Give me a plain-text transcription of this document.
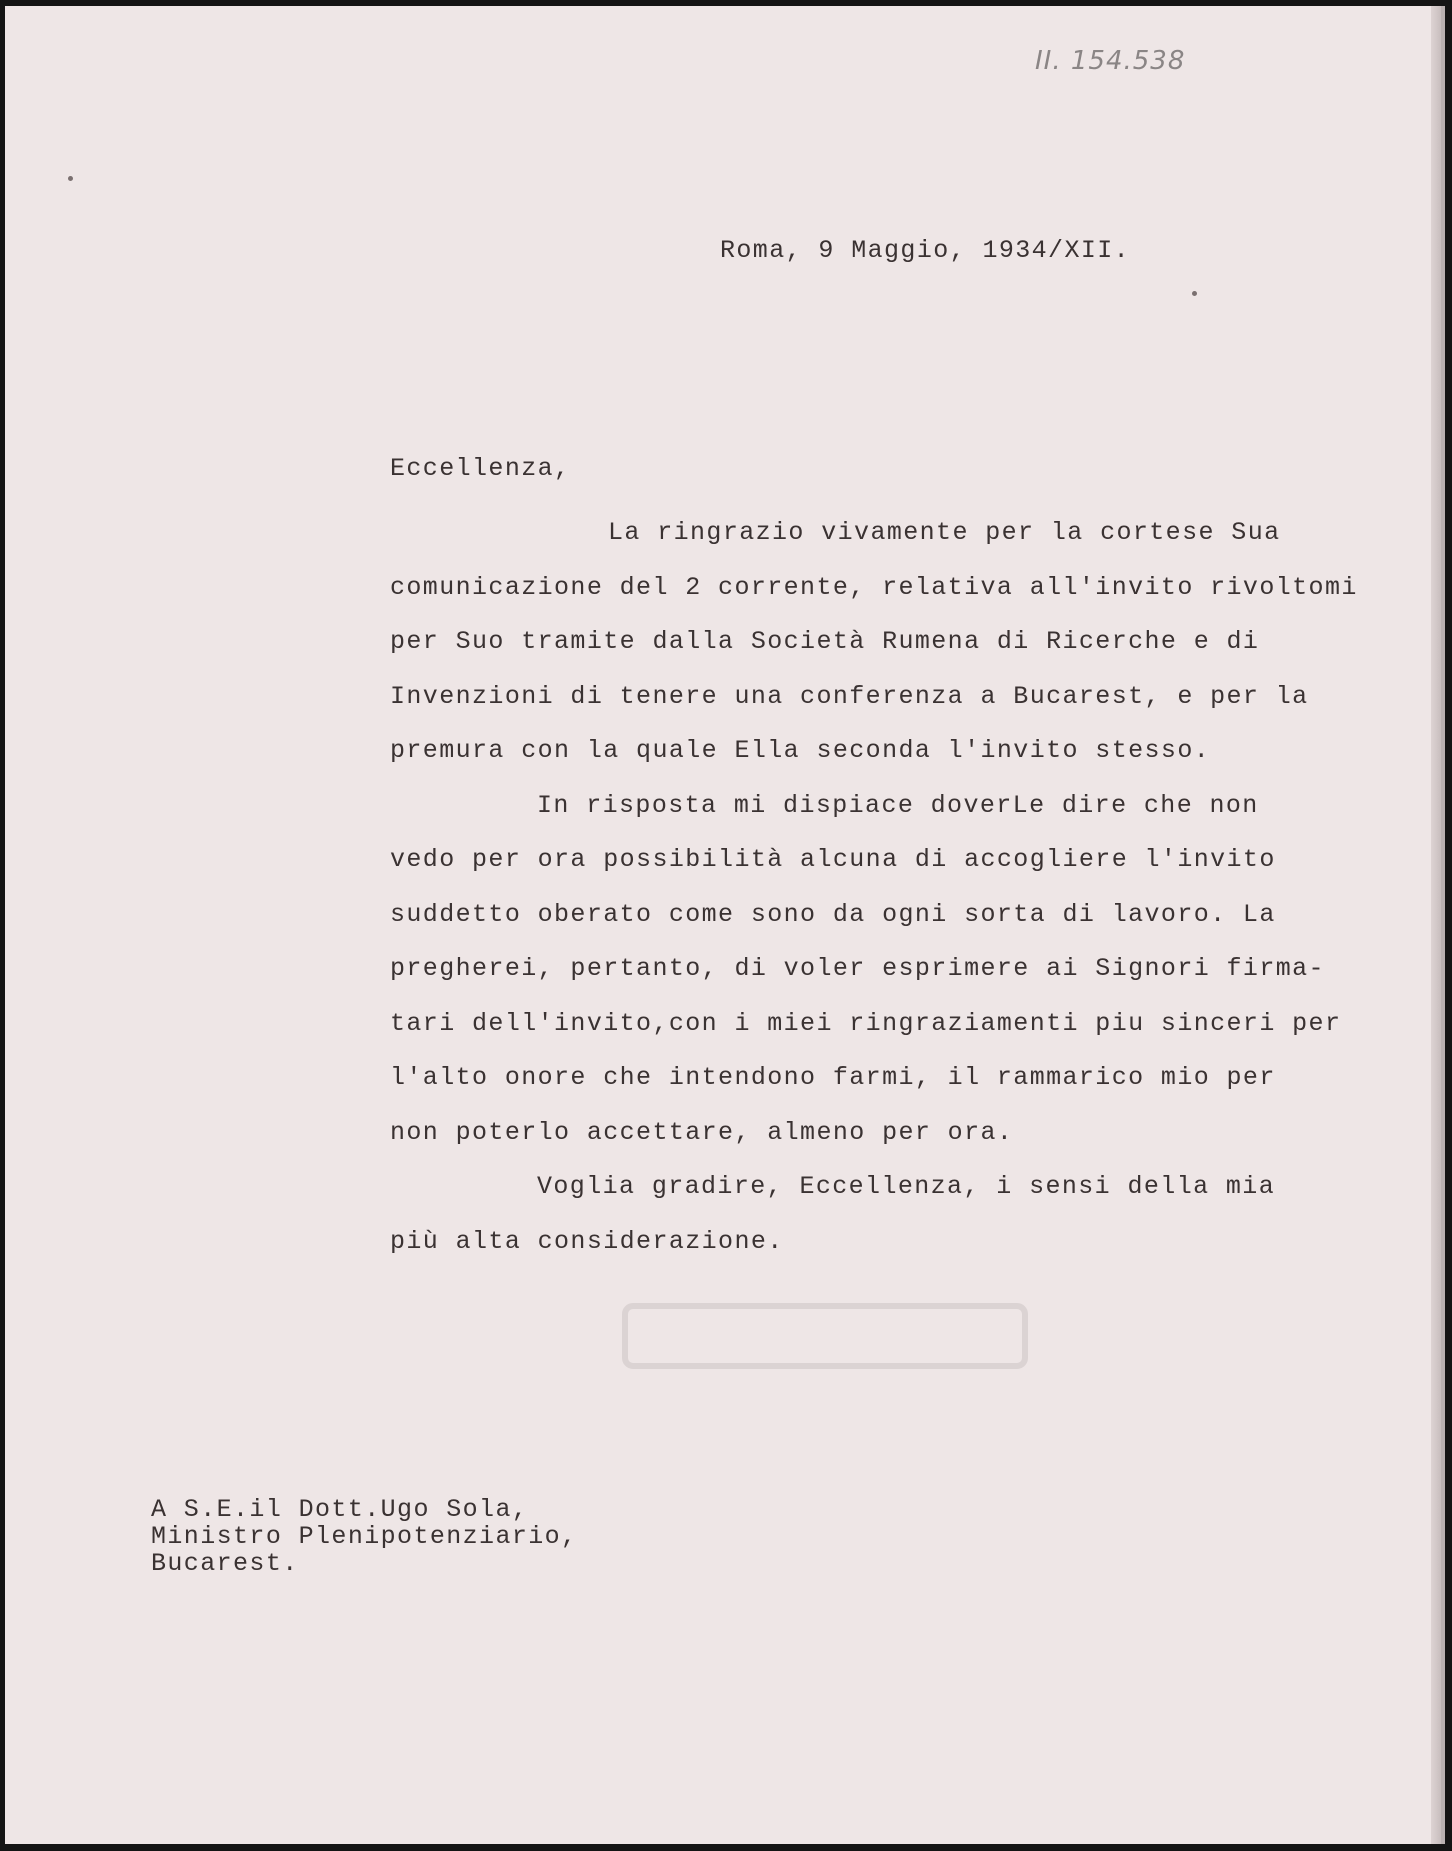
II. 154.538
Roma, 9 Maggio, 1934/XII.
Eccellenza,
La ringrazio vivamente per la cortese Sua
comunicazione del 2 corrente, relativa all'invito rivoltomi
per Suo tramite dalla Società Rumena di Ricerche e di
Invenzioni di tenere una conferenza a Bucarest, e per la
premura con la quale Ella seconda l'invito stesso.
In risposta mi dispiace doverLe dire che non
vedo per ora possibilità alcuna di accogliere l'invito
suddetto oberato come sono da ogni sorta di lavoro. La
pregherei, pertanto, di voler esprimere ai Signori firma-
tari dell'invito,con i miei ringraziamenti piu sinceri per
l'alto onore che intendono farmi, il rammarico mio per
non poterlo accettare, almeno per ora.
Voglia gradire, Eccellenza, i sensi della mia
più alta considerazione.
A S.E.il Dott.Ugo Sola,
Ministro Plenipotenziario,
Bucarest.
